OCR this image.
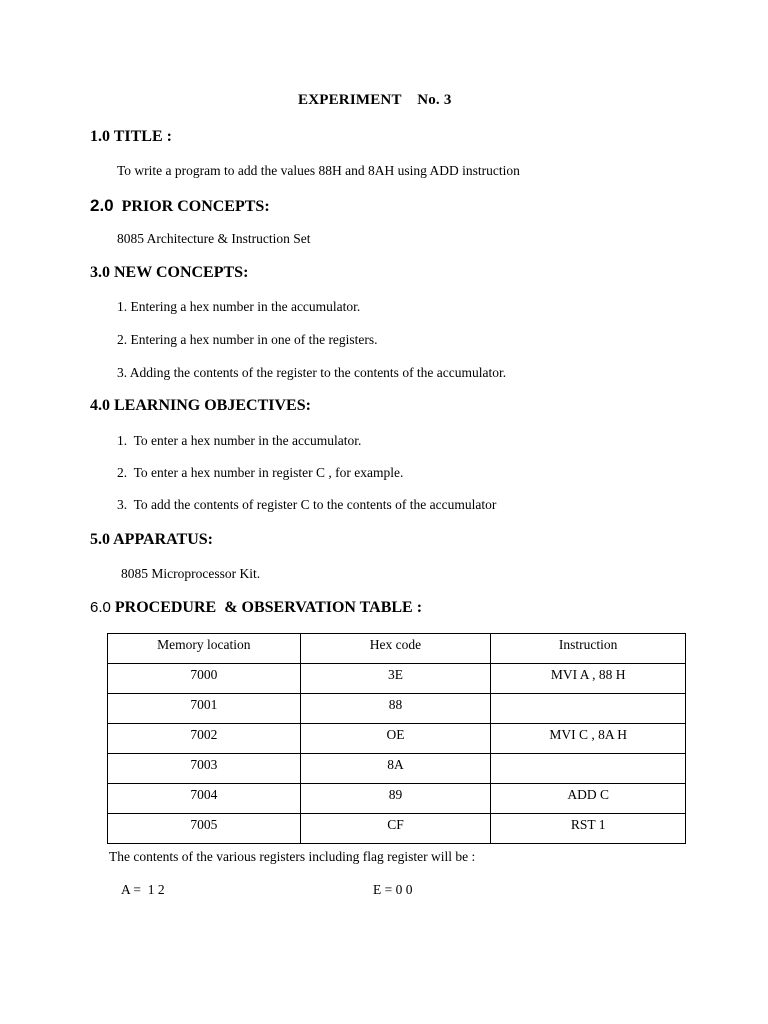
EXPERIMENT    No. 3
1.0 TITLE :
To write a program to add the values 88H and 8AH using ADD instruction
2.0 PRIOR CONCEPTS:
8085 Architecture & Instruction Set
3.0 NEW CONCEPTS:
1. Entering a hex number in the accumulator.
2. Entering a hex number in one of the registers.
3. Adding the contents of the register to the contents of the accumulator.
4.0 LEARNING OBJECTIVES:
1.  To enter a hex number in the accumulator.
2.  To enter a hex number in register C , for example.
3.  To add the contents of register C to the contents of the accumulator
5.0 APPARATUS:
8085 Microprocessor Kit.
6.0 PROCEDURE  & OBSERVATION TABLE :
Memory location	Hex code	Instruction
7000	3E	MVI A , 88 H
7001	88	
7002	OE	MVI C , 8A H
7003	8A	
7004	89	ADD C
7005	CF	RST 1
The contents of the various registers including flag register will be :
A =  1 2	E = 0 0
